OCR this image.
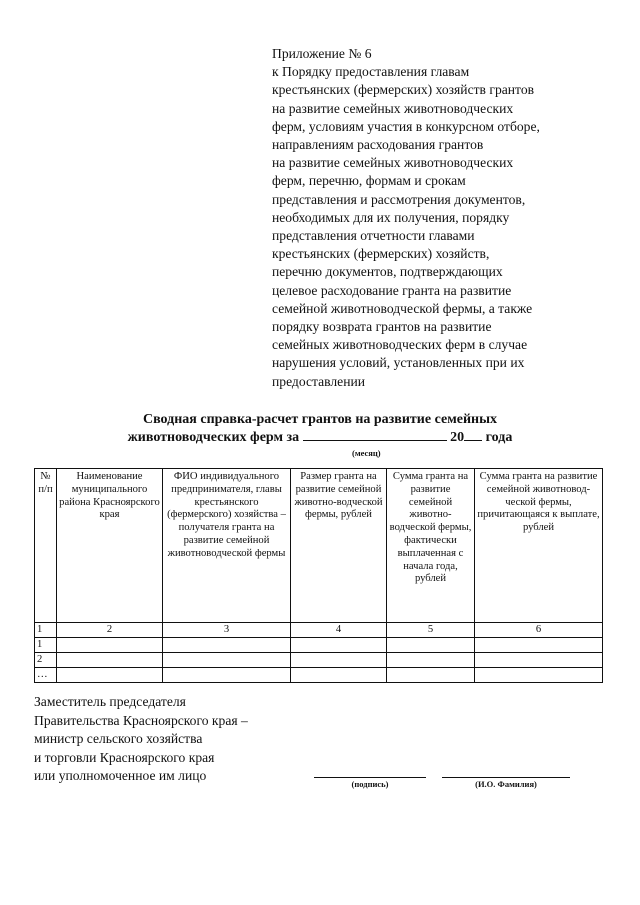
Приложение № 6
к Порядку предоставления главам
крестьянских (фермерских) хозяйств грантов
на развитие семейных животноводческих
ферм, условиям участия в конкурсном отборе,
направлениям расходования грантов
на развитие семейных животноводческих
ферм, перечню, формам и срокам
представления и рассмотрения документов,
необходимых для их получения, порядку
представления отчетности главами
крестьянских (фермерских) хозяйств,
перечню документов, подтверждающих
целевое расходование гранта на развитие
семейной животноводческой фермы, а также
порядку возврата грантов на развитие
семейных животноводческих ферм в случае
нарушения условий, установленных при их
предоставлении
Сводная справка-расчет грантов на развитие семейных
животноводческих ферм за	20 года
(месяц)
№ п/п	Наименование муниципального района Красноярского края	ФИО индивидуального предпринимателя, главы крестьянского (фермерского) хозяйства – получателя гранта на развитие семейной животноводческой фермы	Размер гранта на развитие семейной животно-водческой фермы, рублей	Сумма гранта на развитие семейной животно-водческой фермы, фактически выплаченная с начала года, рублей	Сумма гранта на развитие семейной животновод-ческой фермы, причитающаяся к выплате, рублей
1	2	3	4	5	6
1					
2					
…					
Заместитель председателя
Правительства Красноярского края –
министр сельского хозяйства
и торговли Красноярского края
или уполномоченное им лицо
(подпись)	(И.О. Фамилия)
